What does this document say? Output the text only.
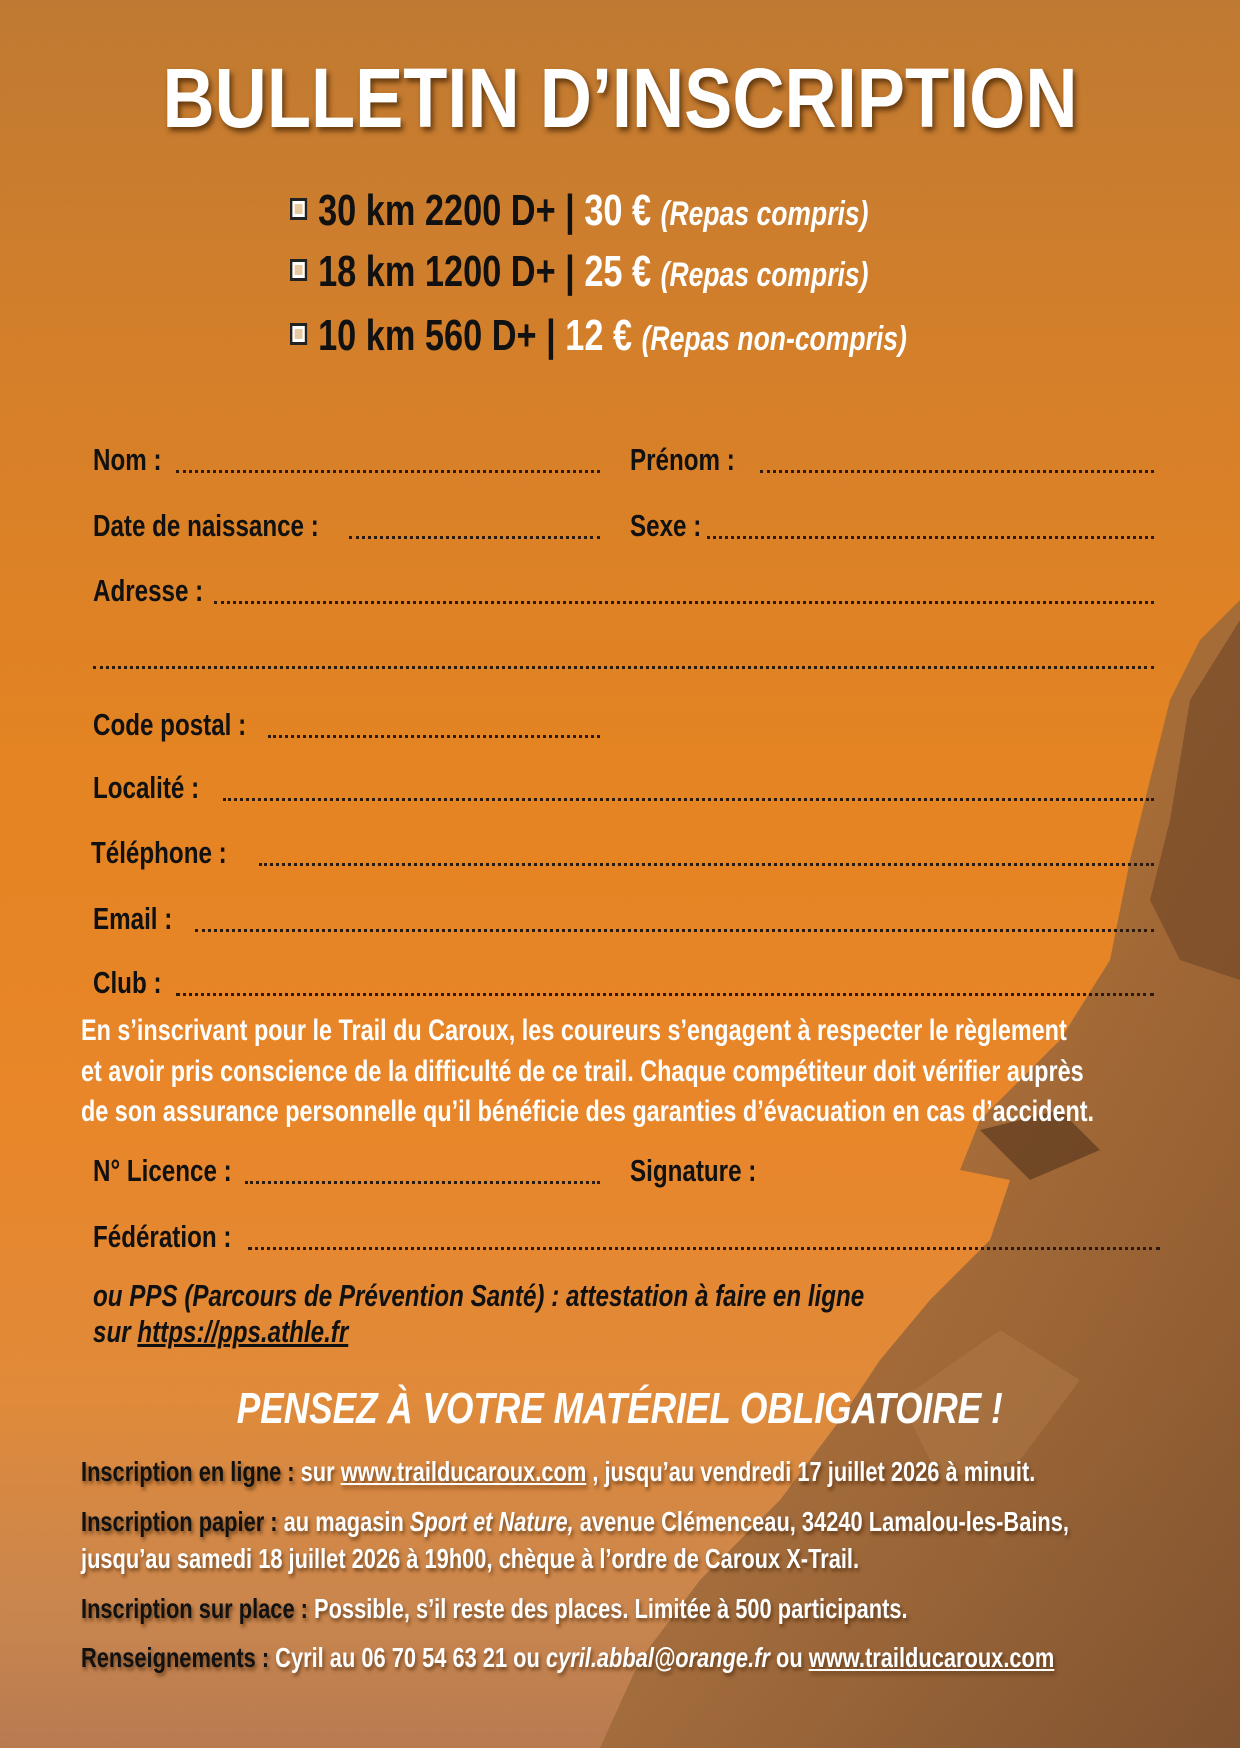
BULLETIN D’INSCRIPTION
30 km 2200 D+ | 30 € (Repas compris)
18 km 1200 D+ | 25 € (Repas compris)
10 km 560 D+ | 12 € (Repas non-compris)
Nom :	Prénom :
Date de naissance :	Sexe :
Adresse :
Code postal :
Localité :
Téléphone :
Email :
Club :
En s’inscrivant pour le Trail du Caroux, les coureurs s’engagent à respecter le règlement
et avoir pris conscience de la difficulté de ce trail. Chaque compétiteur doit vérifier auprès
de son assurance personnelle qu’il bénéficie des garanties d’évacuation en cas d’accident.
N° Licence :	Signature :
Fédération :
ou PPS (Parcours de Prévention Santé) : attestation à faire en ligne
sur https://pps.athle.fr
PENSEZ À VOTRE MATÉRIEL OBLIGATOIRE !
Inscription en ligne : sur www.trailducaroux.com , jusqu’au vendredi 17 juillet 2026 à minuit.
Inscription papier : au magasin Sport et Nature, avenue Clémenceau, 34240 Lamalou-les-Bains,
jusqu’au samedi 18 juillet 2026 à 19h00, chèque à l’ordre de Caroux X-Trail.
Inscription sur place : Possible, s’il reste des places. Limitée à 500 participants.
Renseignements : Cyril au 06 70 54 63 21 ou cyril.abbal@orange.fr ou www.trailducaroux.com
